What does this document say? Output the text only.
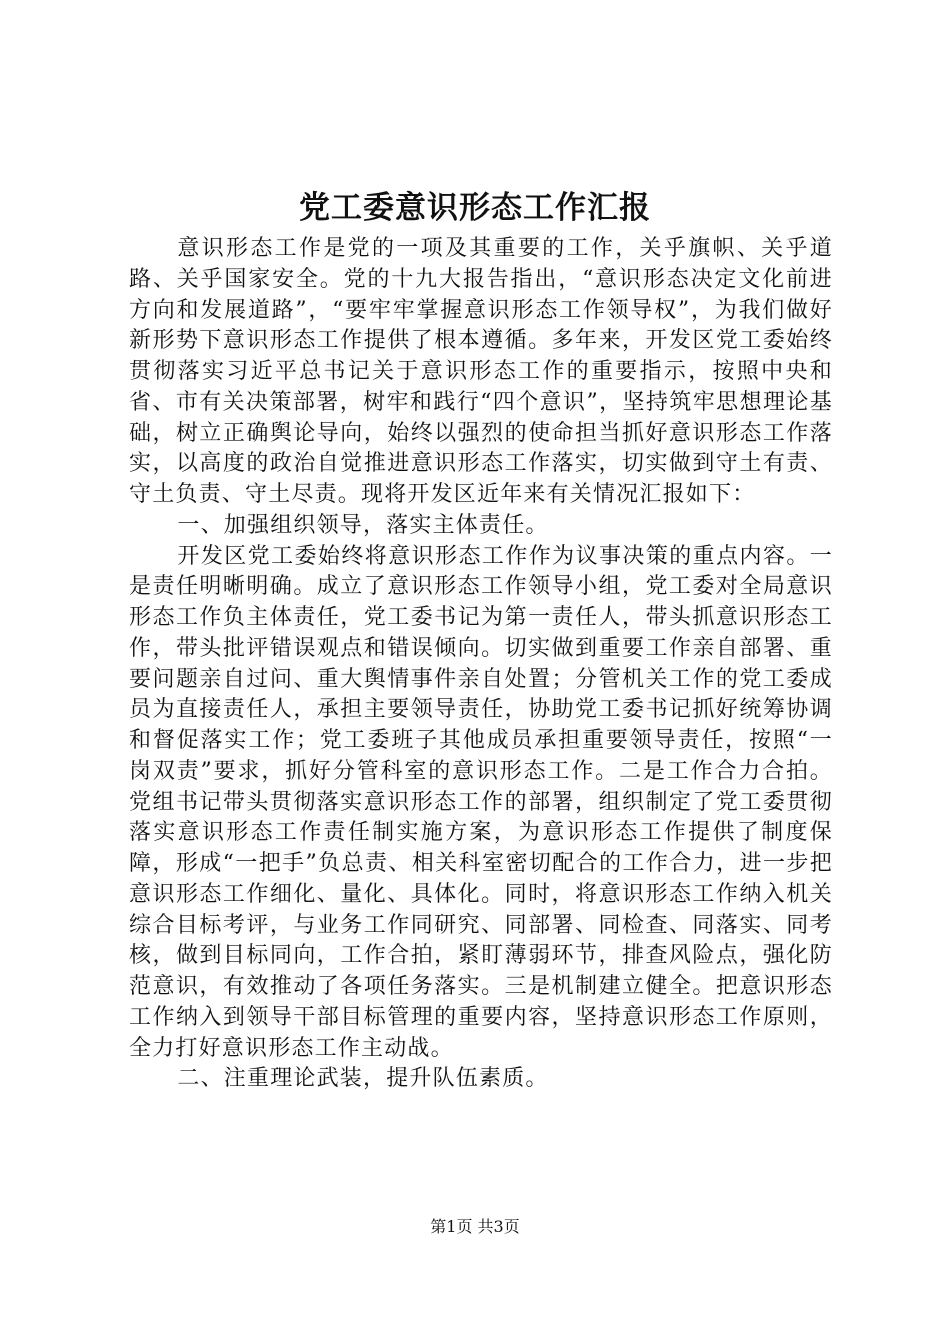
党工委意识形态工作汇报

意识形态工作是党的一项及其重要的工作，关乎旗帜、关乎道路、关乎国家安全。党的十九大报告指出，“意识形态决定文化前进方向和发展道路”，“要牢牢掌握意识形态工作领导权”，为我们做好新形势下意识形态工作提供了根本遵循。多年来，开发区党工委始终贯彻落实习近平总书记关于意识形态工作的重要指示，按照中央和省、市有关决策部署，树牢和践行“四个意识”，坚持筑牢思想理论基础，树立正确舆论导向，始终以强烈的使命担当抓好意识形态工作落实，以高度的政治自觉推进意识形态工作落实，切实做到守土有责、守土负责、守土尽责。现将开发区近年来有关情况汇报如下：

一、加强组织领导，落实主体责任。

开发区党工委始终将意识形态工作作为议事决策的重点内容。一是责任明晰明确。成立了意识形态工作领导小组，党工委对全局意识形态工作负主体责任，党工委书记为第一责任人，带头抓意识形态工作，带头批评错误观点和错误倾向。切实做到重要工作亲自部署、重要问题亲自过问、重大舆情事件亲自处置；分管机关工作的党工委成员为直接责任人，承担主要领导责任，协助党工委书记抓好统筹协调和督促落实工作；党工委班子其他成员承担重要领导责任，按照“一岗双责”要求，抓好分管科室的意识形态工作。二是工作合力合拍。党组书记带头贯彻落实意识形态工作的部署，组织制定了党工委贯彻落实意识形态工作责任制实施方案，为意识形态工作提供了制度保障，形成“一把手”负总责、相关科室密切配合的工作合力，进一步把意识形态工作细化、量化、具体化。同时，将意识形态工作纳入机关综合目标考评，与业务工作同研究、同部署、同检查、同落实、同考核，做到目标同向，工作合拍，紧盯薄弱环节，排查风险点，强化防范意识，有效推动了各项任务落实。三是机制建立健全。把意识形态工作纳入到领导干部目标管理的重要内容，坚持意识形态工作原则，全力打好意识形态工作主动战。

二、注重理论武装，提升队伍素质。

第1页 共3页
